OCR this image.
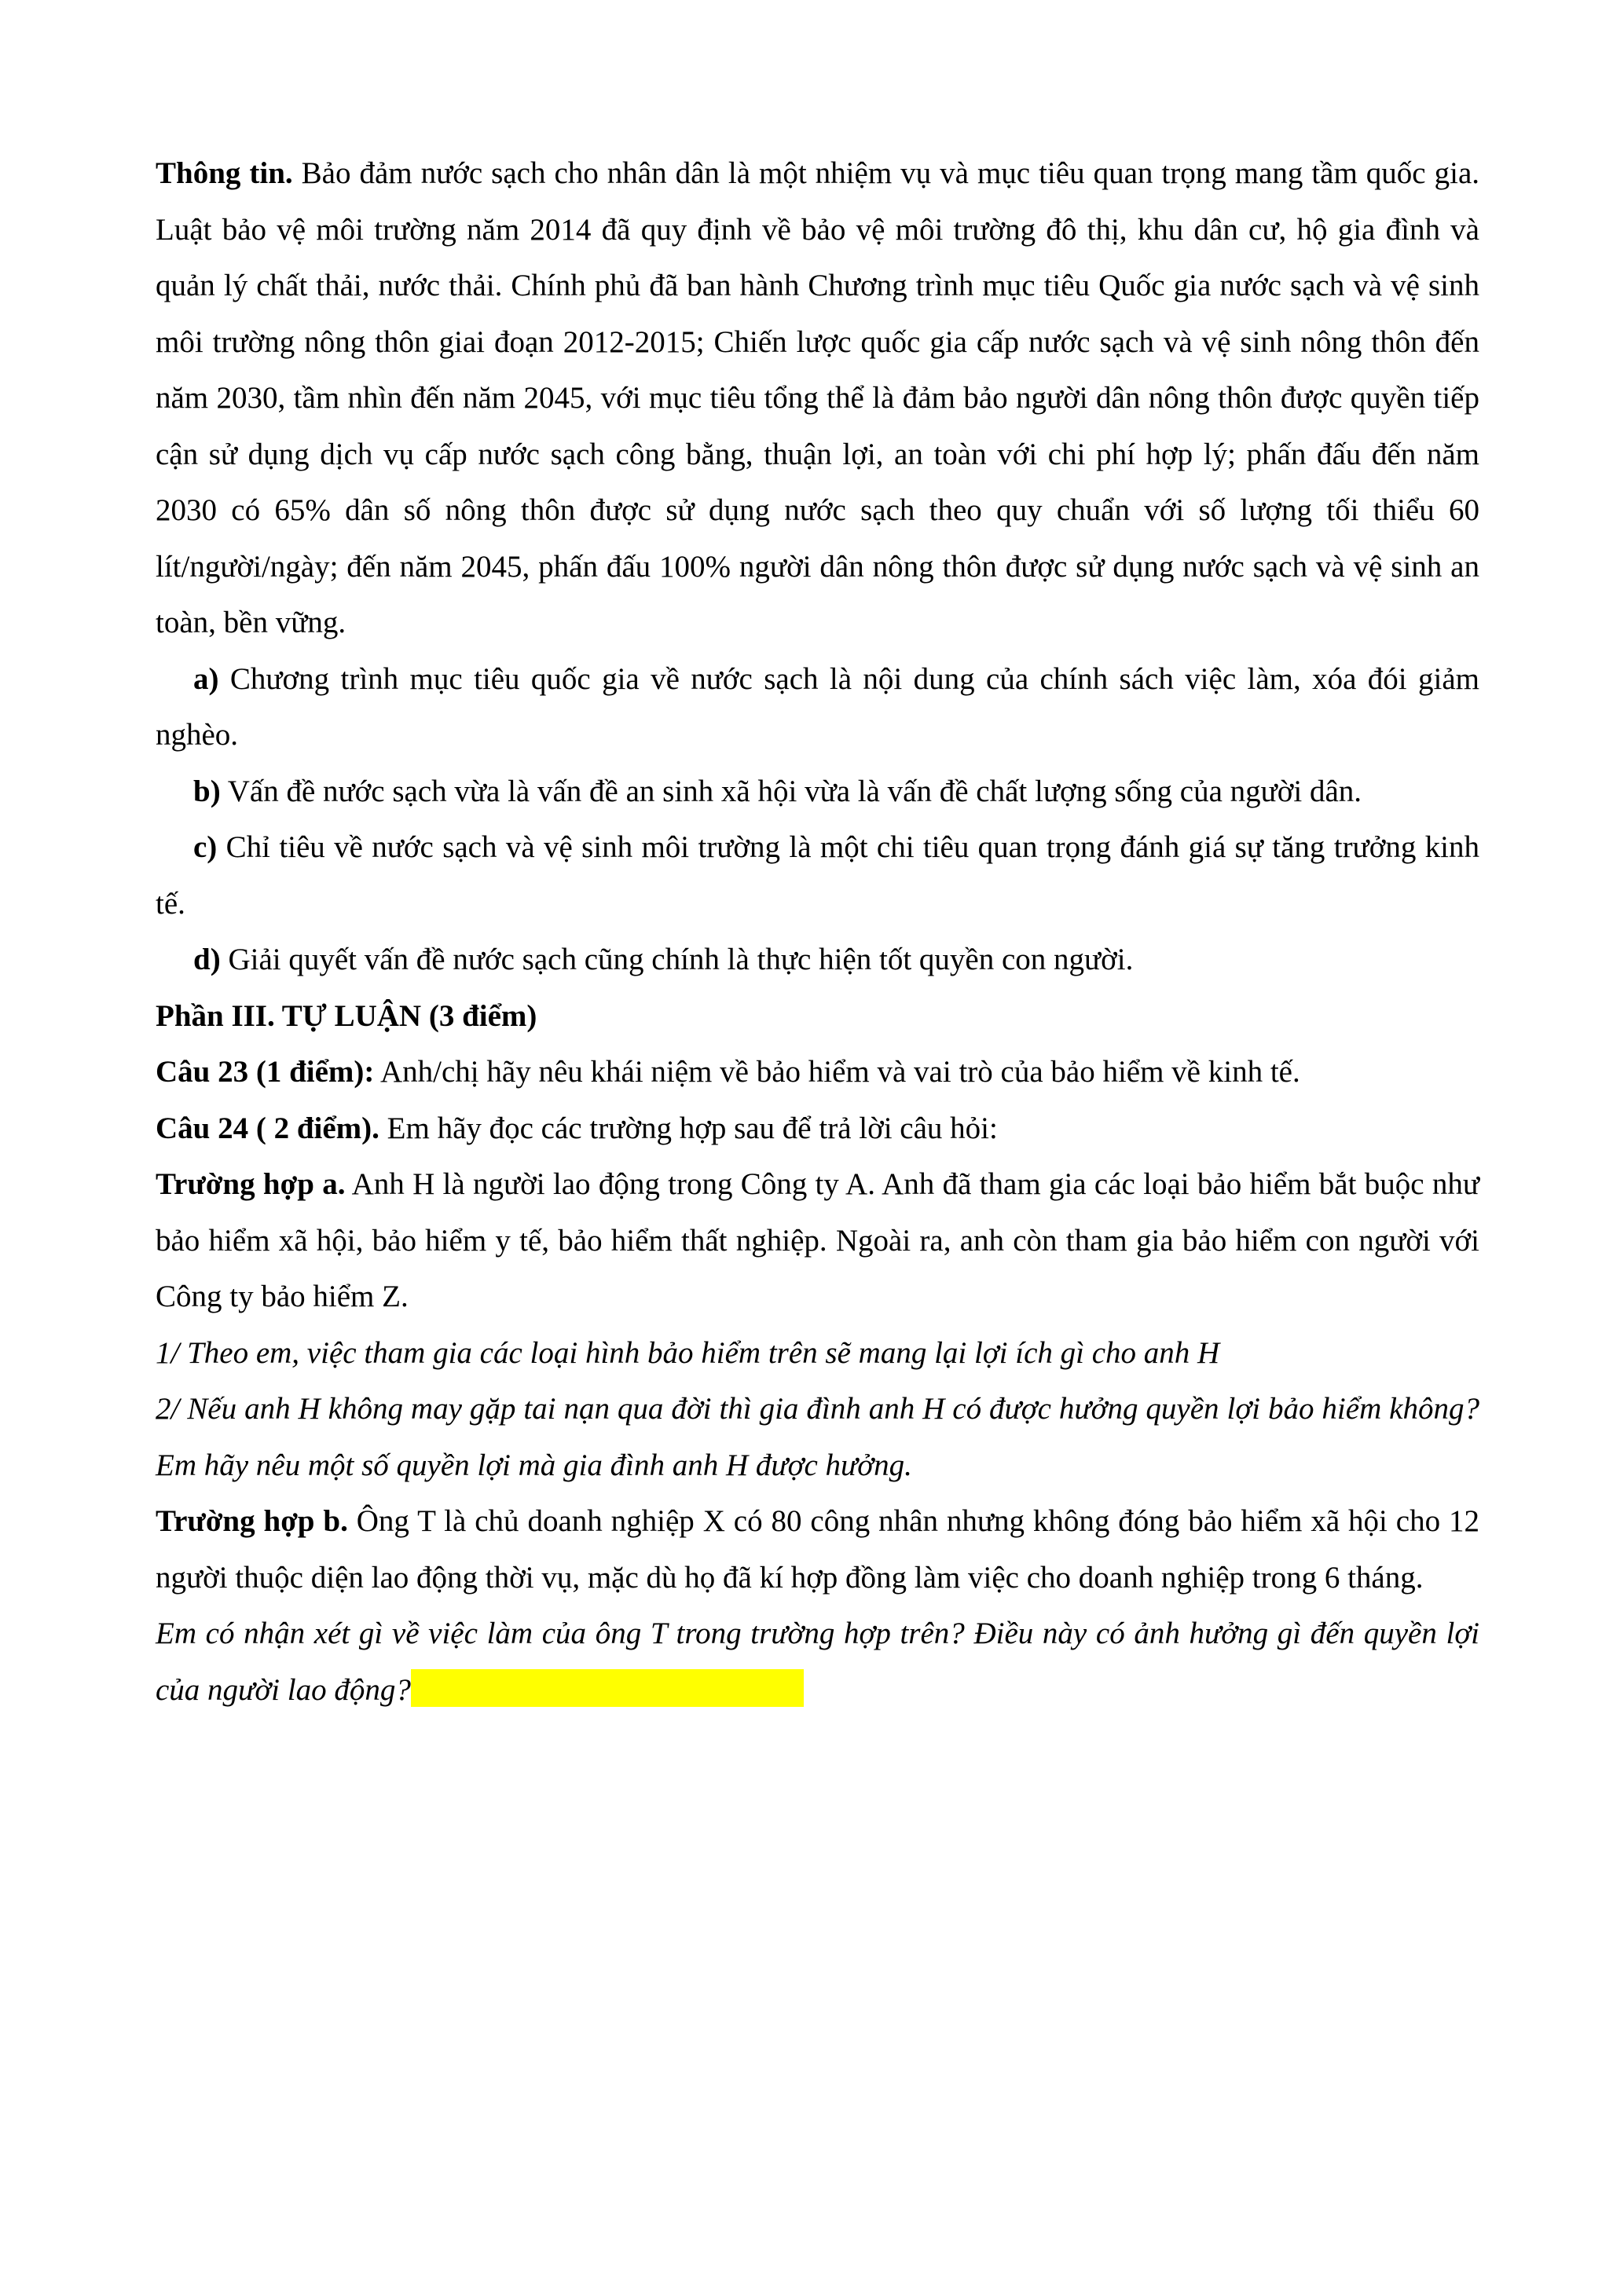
Thông tin. Bảo đảm nước sạch cho nhân dân là một nhiệm vụ và mục tiêu quan trọng mang tầm quốc gia. Luật bảo vệ môi trường năm 2014 đã quy định về bảo vệ môi trường đô thị, khu dân cư, hộ gia đình và quản lý chất thải, nước thải. Chính phủ đã ban hành Chương trình mục tiêu Quốc gia nước sạch và vệ sinh môi trường nông thôn giai đoạn 2012-2015; Chiến lược quốc gia cấp nước sạch và vệ sinh nông thôn đến năm 2030, tầm nhìn đến năm 2045, với mục tiêu tổng thể là đảm bảo người dân nông thôn được quyền tiếp cận sử dụng dịch vụ cấp nước sạch công bằng, thuận lợi, an toàn với chi phí hợp lý; phấn đấu đến năm 2030 có 65% dân số nông thôn được sử dụng nước sạch theo quy chuẩn với số lượng tối thiểu 60 lít/người/ngày; đến năm 2045, phấn đấu 100% người dân nông thôn được sử dụng nước sạch và vệ sinh an toàn, bền vững.

a) Chương trình mục tiêu quốc gia về nước sạch là nội dung của chính sách việc làm, xóa đói giảm nghèo.

b) Vấn đề nước sạch vừa là vấn đề an sinh xã hội vừa là vấn đề chất lượng sống của người dân.

c) Chỉ tiêu về nước sạch và vệ sinh môi trường là một chi tiêu quan trọng đánh giá sự tăng trưởng kinh tế.

d) Giải quyết vấn đề nước sạch cũng chính là thực hiện tốt quyền con người.

Phần III. TỰ LUẬN (3 điểm)

Câu 23 (1 điểm): Anh/chị hãy nêu khái niệm về bảo hiểm và vai trò của bảo hiểm về kinh tế.

Câu 24 ( 2 điểm). Em hãy đọc các trường hợp sau để trả lời câu hỏi:

Trường hợp a. Anh H là người lao động trong Công ty A. Anh đã tham gia các loại bảo hiểm bắt buộc như bảo hiểm xã hội, bảo hiểm y tế, bảo hiểm thất nghiệp. Ngoài ra, anh còn tham gia bảo hiểm con người với Công ty bảo hiểm Z.

1/ Theo em, việc tham gia các loại hình bảo hiểm trên sẽ mang lại lợi ích gì cho anh H

2/ Nếu anh H không may gặp tai nạn qua đời thì gia đình anh H có được hưởng quyền lợi bảo hiểm không? Em hãy nêu một số quyền lợi mà gia đình anh H được hưởng.

Trường hợp b. Ông T là chủ doanh nghiệp X có 80 công nhân nhưng không đóng bảo hiểm xã hội cho 12 người thuộc diện lao động thời vụ, mặc dù họ đã kí hợp đồng làm việc cho doanh nghiệp trong 6 tháng.

Em có nhận xét gì về việc làm của ông T trong trường hợp trên? Điều này có ảnh hưởng gì đến quyền lợi của người lao động?
